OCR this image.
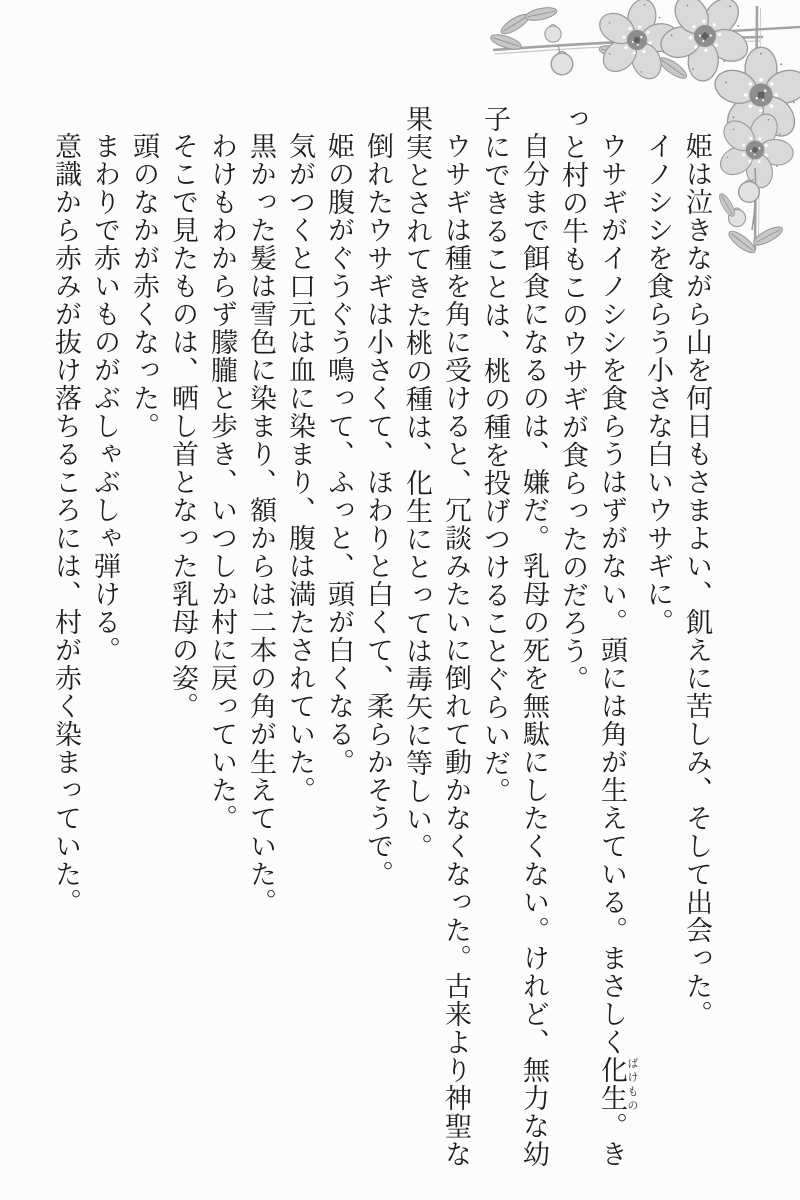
姫は泣きながら山を何日もさまよい、飢えに苦しみ、そして出会った。

イノシシを食らう小さな白いウサギに。

ウサギがイノシシを食らうはずがない。頭には角が生えている。まさしく化生 ばけもの。きっと村の牛もこのウサギが食らったのだろう。

自分まで餌食になるのは、嫌だ。乳母の死を無駄にしたくない。けれど、無力な幼子にできることは、桃の種を投げつけることぐらいだ。

ウサギは種を角に受けると、冗談みたいに倒れて動かなくなった。古来より神聖な果実とされてきた桃の種は、化生にとっては毒矢に等しい。

倒れたウサギは小さくて、ほわりと白くて、柔らかそうで。

姫の腹がぐうぐう鳴って、ふっと、頭が白くなる。

気がつくと口元は血に染まり、腹は満たされていた。

黒かった髪は雪色に染まり、額からは二本の角が生えていた。

わけもわからず朦朧と歩き、いつしか村に戻っていた。

そこで見たものは、晒し首となった乳母の姿。

頭のなかが赤くなった。

まわりで赤いものがぶしゃぶしゃ弾ける。

意識から赤みが抜け落ちるころには、村が赤く染まっていた。
